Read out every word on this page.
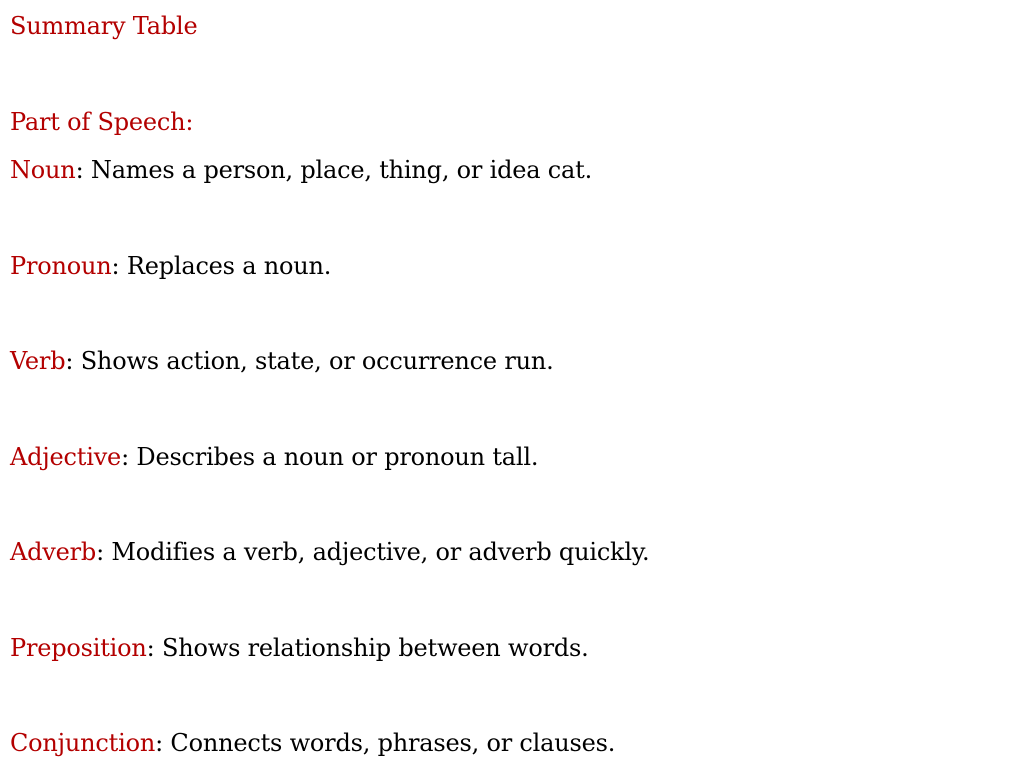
Summary Table
Part of Speech:
Noun: Names a person, place, thing, or idea cat.
Pronoun: Replaces a noun.
Verb: Shows action, state, or occurrence run.
Adjective: Describes a noun or pronoun tall.
Adverb: Modifies a verb, adjective, or adverb quickly.
Preposition: Shows relationship between words.
Conjunction: Connects words, phrases, or clauses.
